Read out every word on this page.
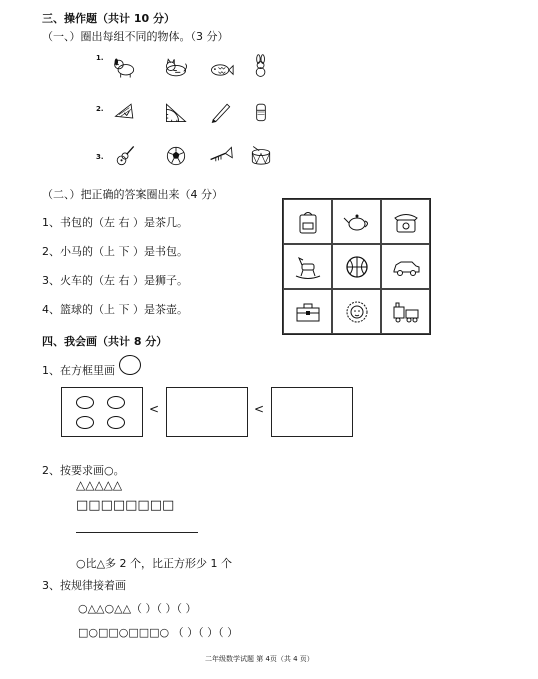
三、操作题（共计 10 分）
（一、）圈出每组不同的物体。（3 分）
1.
2.
3.
（二、）把正确的答案圈出来（4 分）
1、书包的（左 右 ）是茶几。
2、小马的（上 下 ）是书包。
3、火车的（左 右 ）是狮子。
4、篮球的（上 下 ）是茶壶。
四、我会画（共计 8 分）
1、在方框里画
<	<
2、按要求画○。
△△△△△
□□□□□□□□
○比△多 2 个，比正方形少 1 个
3、按规律接着画
○△△○△△（ ）（ ）（ ）
□○□□○□□□○ （ ）（ ）（ ）
二年级数学试题 第 4页（共 4 页）
